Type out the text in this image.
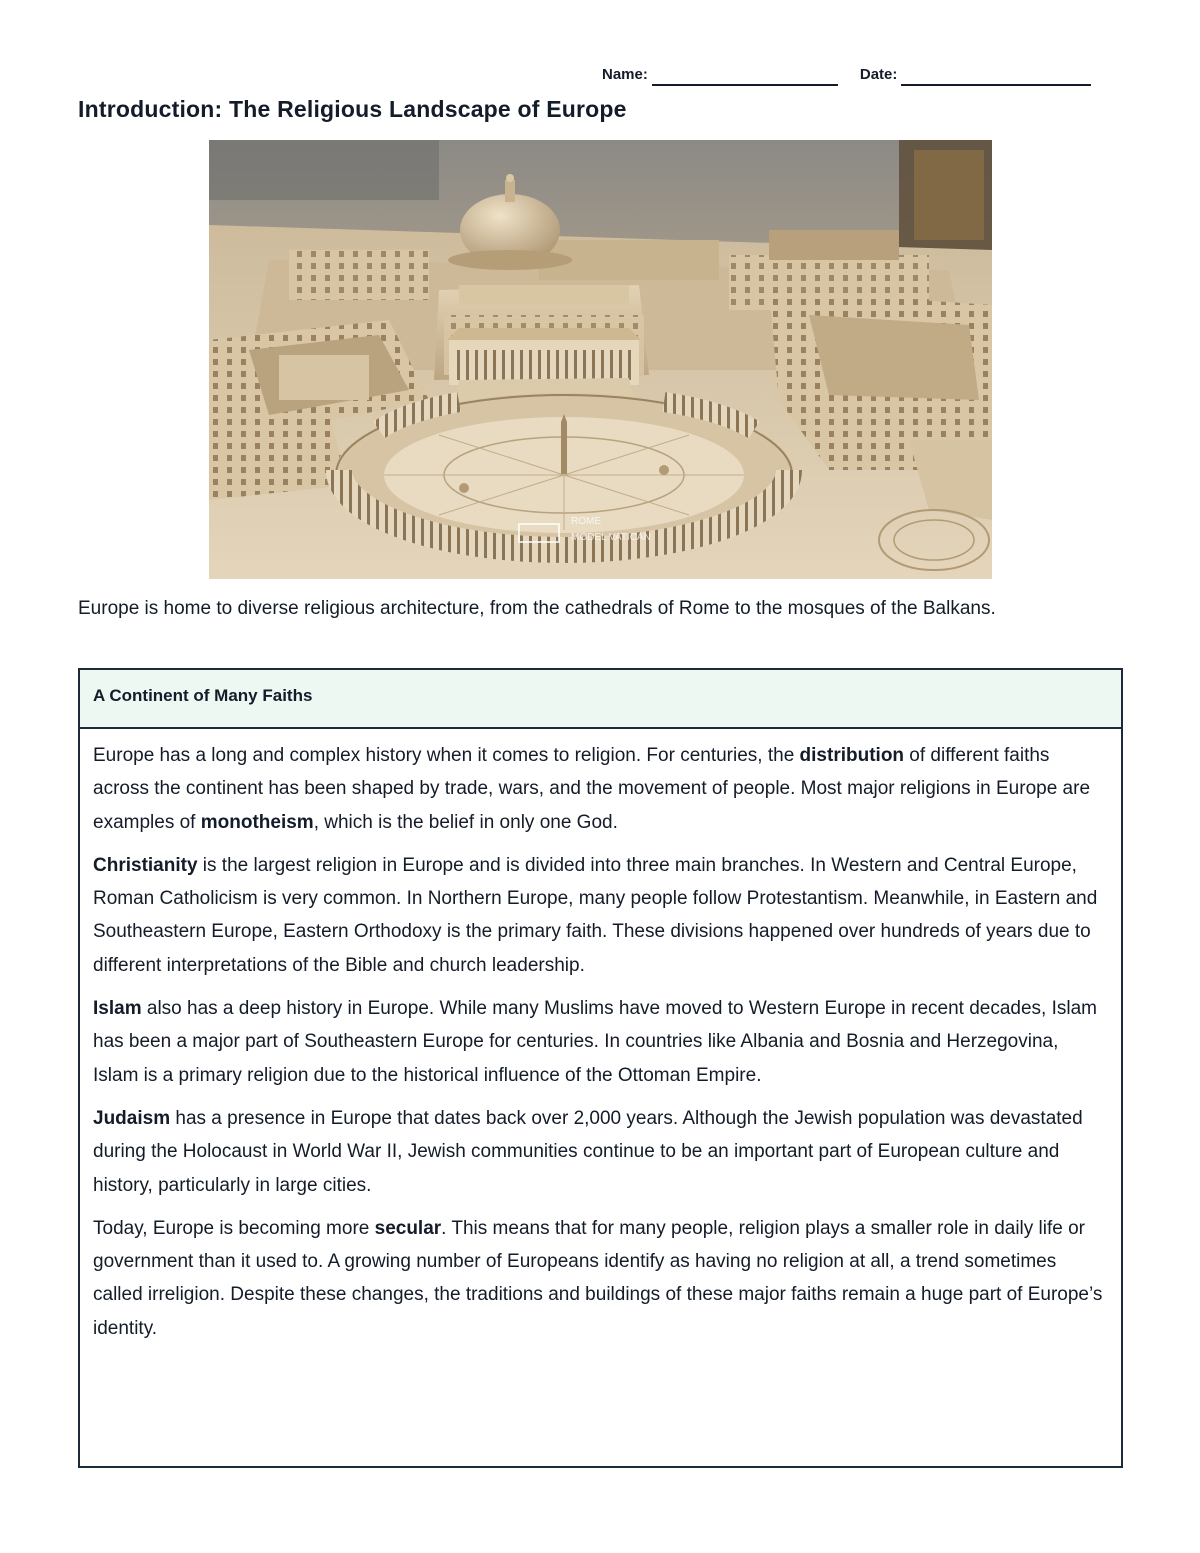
Name:	Date:
Introduction: The Religious Landscape of Europe
ROME
MODEL VATICAN

Europe is home to diverse religious architecture, from the cathedrals of Rome to the mosques of the Balkans.

A Continent of Many Faiths

Europe has a long and complex history when it comes to religion. For centuries, the distribution of different faiths across the continent has been shaped by trade, wars, and the movement of people. Most major religions in Europe are examples of monotheism, which is the belief in only one God.

Christianity is the largest religion in Europe and is divided into three main branches. In Western and Central Europe, Roman Catholicism is very common. In Northern Europe, many people follow Protestantism. Meanwhile, in Eastern and Southeastern Europe, Eastern Orthodoxy is the primary faith. These divisions happened over hundreds of years due to different interpretations of the Bible and church leadership.

Islam also has a deep history in Europe. While many Muslims have moved to Western Europe in recent decades, Islam has been a major part of Southeastern Europe for centuries. In countries like Albania and Bosnia and Herzegovina, Islam is a primary religion due to the historical influence of the Ottoman Empire.

Judaism has a presence in Europe that dates back over 2,000 years. Although the Jewish population was devastated during the Holocaust in World War II, Jewish communities continue to be an important part of European culture and history, particularly in large cities.

Today, Europe is becoming more secular. This means that for many people, religion plays a smaller role in daily life or government than it used to. A growing number of Europeans identify as having no religion at all, a trend sometimes called irreligion. Despite these changes, the traditions and buildings of these major faiths remain a huge part of Europe’s identity.
